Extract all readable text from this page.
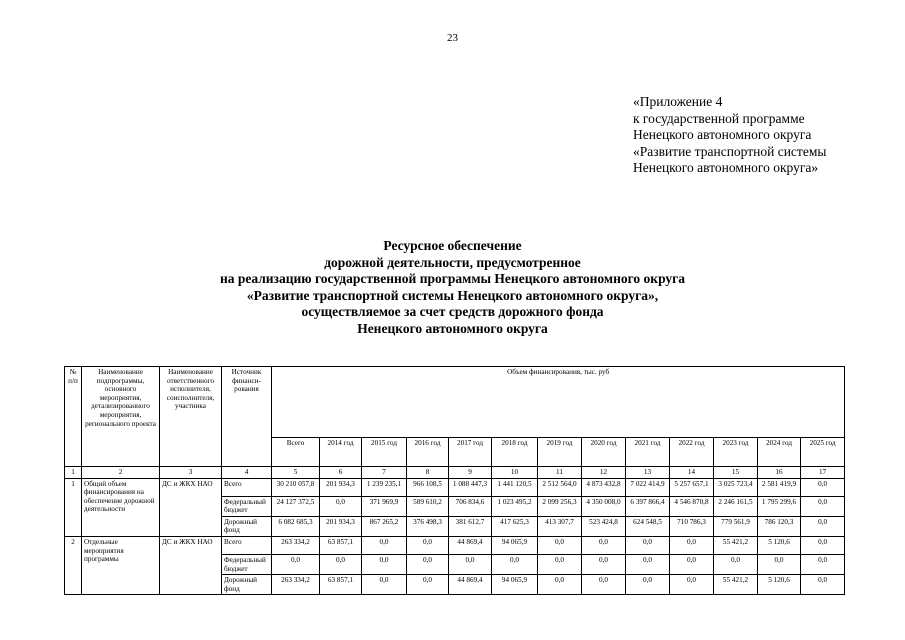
23
«Приложение 4
к государственной программе
Ненецкого автономного округа
«Развитие транспортной системы
Ненецкого автономного округа»
Ресурсное обеспечение
дорожной деятельности, предусмотренное
на реализацию государственной программы Ненецкого автономного округа
«Развитие транспортной системы Ненецкого автономного округа»,
осуществляемое за счет средств дорожного фонда
Ненецкого автономного округа
№ п/п	Наименование подпрограммы, основного мероприятия, детализированного мероприятия, регионального проекта	Наименование ответственного исполнителя, соисполнителя, участника	Источник финанси-рования	Объем финансирования, тыс. руб												
				Всего	2014 год	2015 год	2016 год	2017 год	2018 год	2019 год	2020 год	2021 год	2022 год	2023 год	2024 год	2025 год
1	2	3	4	5	6	7	8	9	10	11	12	13	14	15	16	17
1	Общий объем финансирования на обеспечение дорожной деятельности	ДС и ЖКХ НАО	Всего	30 210 057,8	201 934,3	1 239 235,1	966 108,5	1 088 447,3	1 441 120,5	2 512 564,0	4 873 432,8	7 022 414,9	5 257 657,1	3 025 723,4	2 581 419,9	0,0
			Федеральный бюджет	24 127 372,5	0,0	371 969,9	589 610,2	706 834,6	1 023 495,2	2 099 256,3	4 350 008,0	6 397 866,4	4 546 870,8	2 246 161,5	1 795 299,6	0,0
			Дорожный фонд	6 082 685,3	201 934,3	867 265,2	376 498,3	381 612,7	417 625,3	413 307,7	523 424,8	624 548,5	710 786,3	779 561,9	786 120,3	0,0
2	Отдельные мероприятия программы	ДС и ЖКХ НАО	Всего	263 334,2	63 857,1	0,0	0,0	44 869,4	94 065,9	0,0	0,0	0,0	0,0	55 421,2	5 120,6	0,0
			Федеральный бюджет	0,0	0,0	0,0	0,0	0,0	0,0	0,0	0,0	0,0	0,0	0,0	0,0	0,0
			Дорожный фонд	263 334,2	63 857,1	0,0	0,0	44 869,4	94 065,9	0,0	0,0	0,0	0,0	55 421,2	5 120,6	0,0
